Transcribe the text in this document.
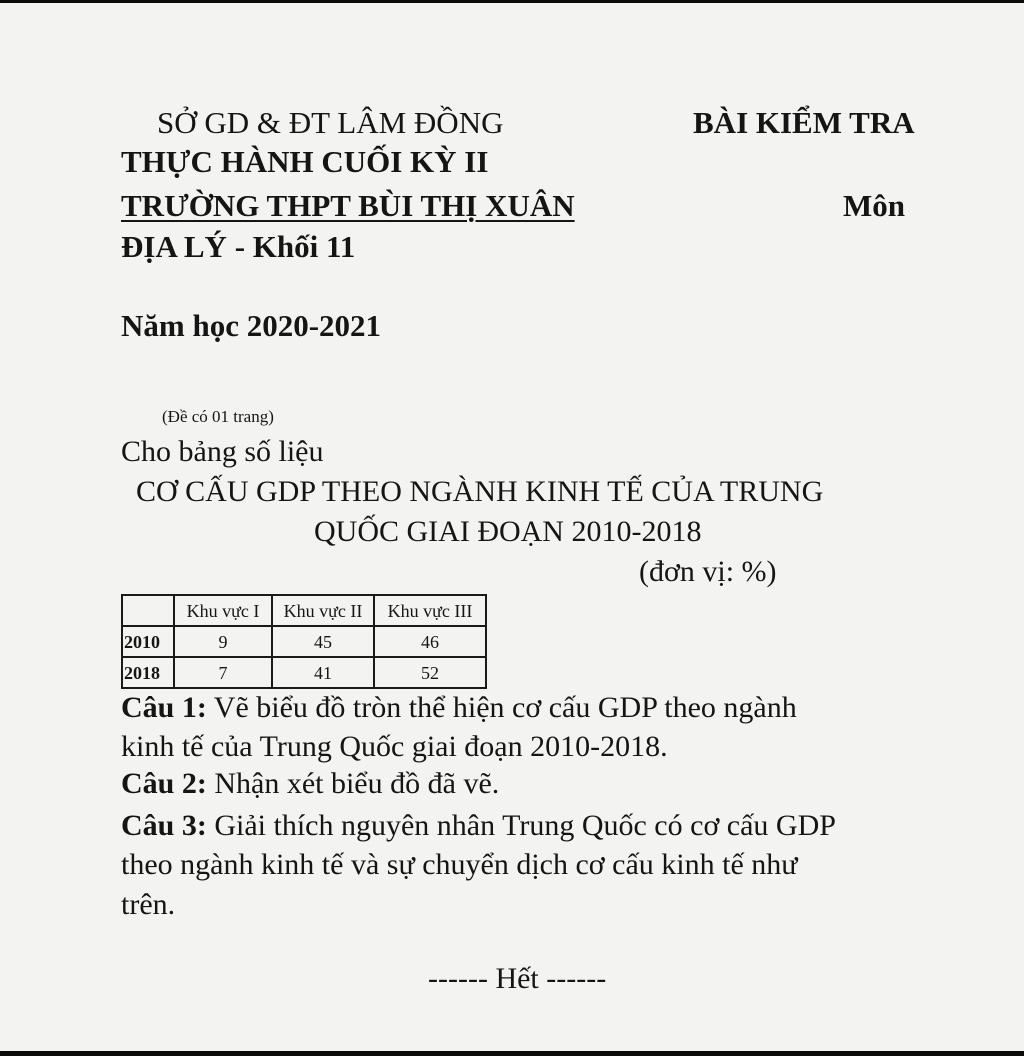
SỞ GD & ĐT LÂM ĐỒNG	BÀI KIỂM TRA
THỰC HÀNH CUỐI KỲ II
TRƯỜNG THPT BÙI THỊ XUÂN	Môn
ĐỊA LÝ - Khối 11
Năm học 2020-2021
(Đề có 01 trang)
Cho bảng số liệu
CƠ CẤU GDP THEO NGÀNH KINH TẾ CỦA TRUNG
QUỐC GIAI ĐOẠN 2010-2018
(đơn vị: %)
	Khu vực I	Khu vực II	Khu vực III
2010	9	45	46
2018	7	41	52
Câu 1: Vẽ biểu đồ tròn thể hiện cơ cấu GDP theo ngành
kinh tế của Trung Quốc giai đoạn 2010-2018.
Câu 2: Nhận xét biểu đồ đã vẽ.
Câu 3: Giải thích nguyên nhân Trung Quốc có cơ cấu GDP
theo ngành kinh tế và sự chuyển dịch cơ cấu kinh tế như
trên.
------ Hết ------
